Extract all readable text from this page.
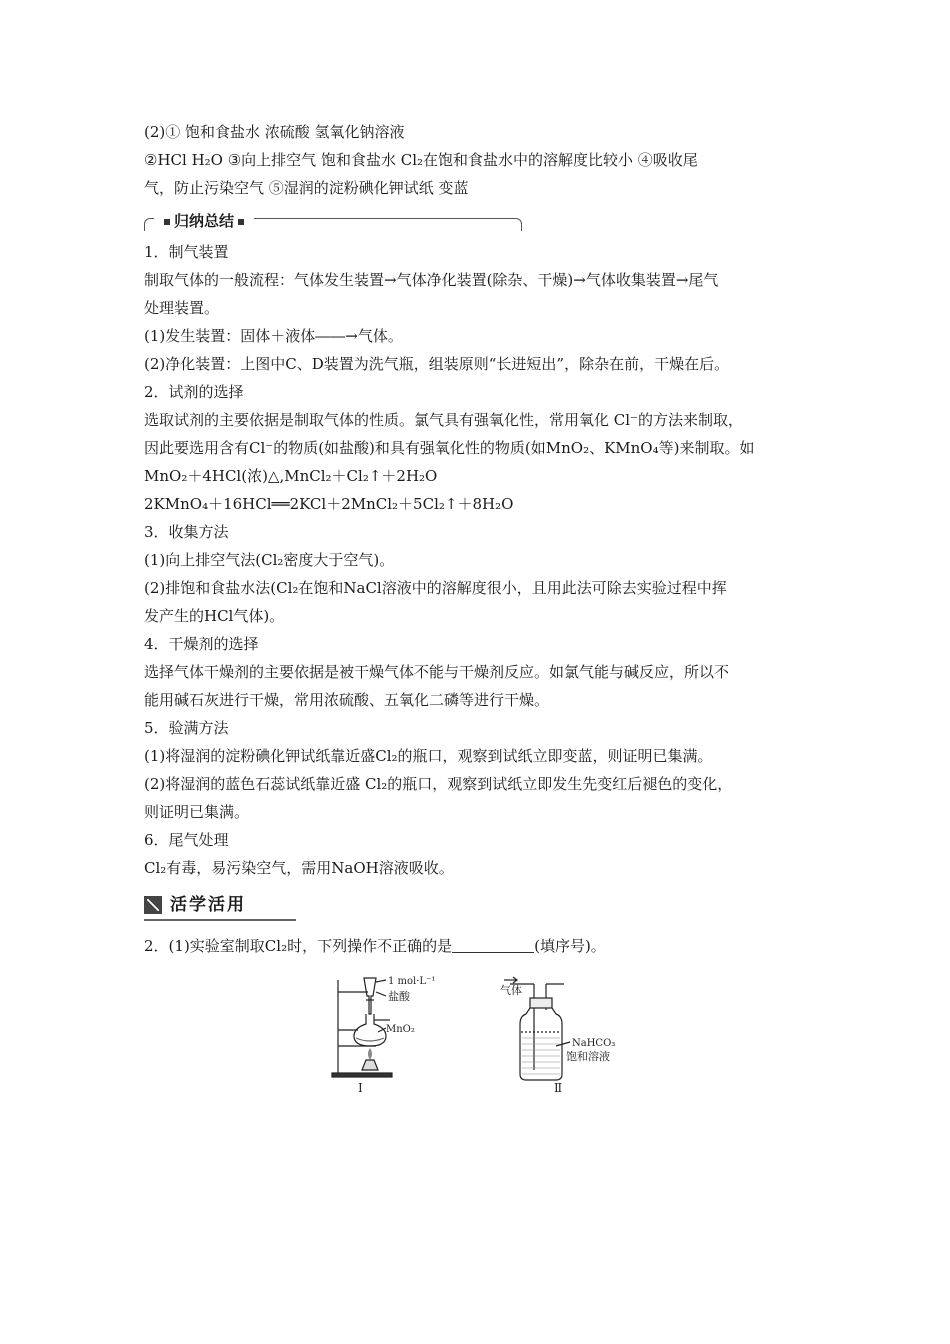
(2)① 饱和食盐水 浓硫酸 氢氧化钠溶液
②HCl H₂O ③向上排空气 饱和食盐水 Cl₂在饱和食盐水中的溶解度比较小 ④吸收尾
气，防止污染空气 ⑤湿润的淀粉碘化钾试纸 变蓝
归纳总结
1．制气装置
制取气体的一般流程：气体发生装置→气体净化装置(除杂、干燥)→气体收集装置→尾气
处理装置。
(1)发生装置：固体＋液体――→气体。
(2)净化装置：上图中C、D装置为洗气瓶，组装原则“长进短出”，除杂在前，干燥在后。
2．试剂的选择
选取试剂的主要依据是制取气体的性质。氯气具有强氧化性，常用氧化 Cl⁻的方法来制取，
因此要选用含有Cl⁻的物质(如盐酸)和具有强氧化性的物质(如MnO₂、KMnO₄等)来制取。如
MnO₂＋4HCl(浓)△,MnCl₂＋Cl₂↑＋2H₂O
2KMnO₄＋16HCl══2KCl＋2MnCl₂＋5Cl₂↑＋8H₂O
3．收集方法
(1)向上排空气法(Cl₂密度大于空气)。
(2)排饱和食盐水法(Cl₂在饱和NaCl溶液中的溶解度很小，且用此法可除去实验过程中挥
发产生的HCl气体)。
4．干燥剂的选择
选择气体干燥剂的主要依据是被干燥气体不能与干燥剂反应。如氯气能与碱反应，所以不
能用碱石灰进行干燥，常用浓硫酸、五氧化二磷等进行干燥。
5．验满方法
(1)将湿润的淀粉碘化钾试纸靠近盛Cl₂的瓶口，观察到试纸立即变蓝，则证明已集满。
(2)将湿润的蓝色石蕊试纸靠近盛 Cl₂的瓶口，观察到试纸立即发生先变红后褪色的变化，
则证明已集满。
6．尾气处理
Cl₂有毒，易污染空气，需用NaOH溶液吸收。
活学活用
2．(1)实验室制取Cl₂时，下列操作不正确的是	(填序号)。
1 mol·L⁻¹
盐酸
MnO₂
Ⅰ
气体
NaHCO₃
饱和溶液
Ⅱ
